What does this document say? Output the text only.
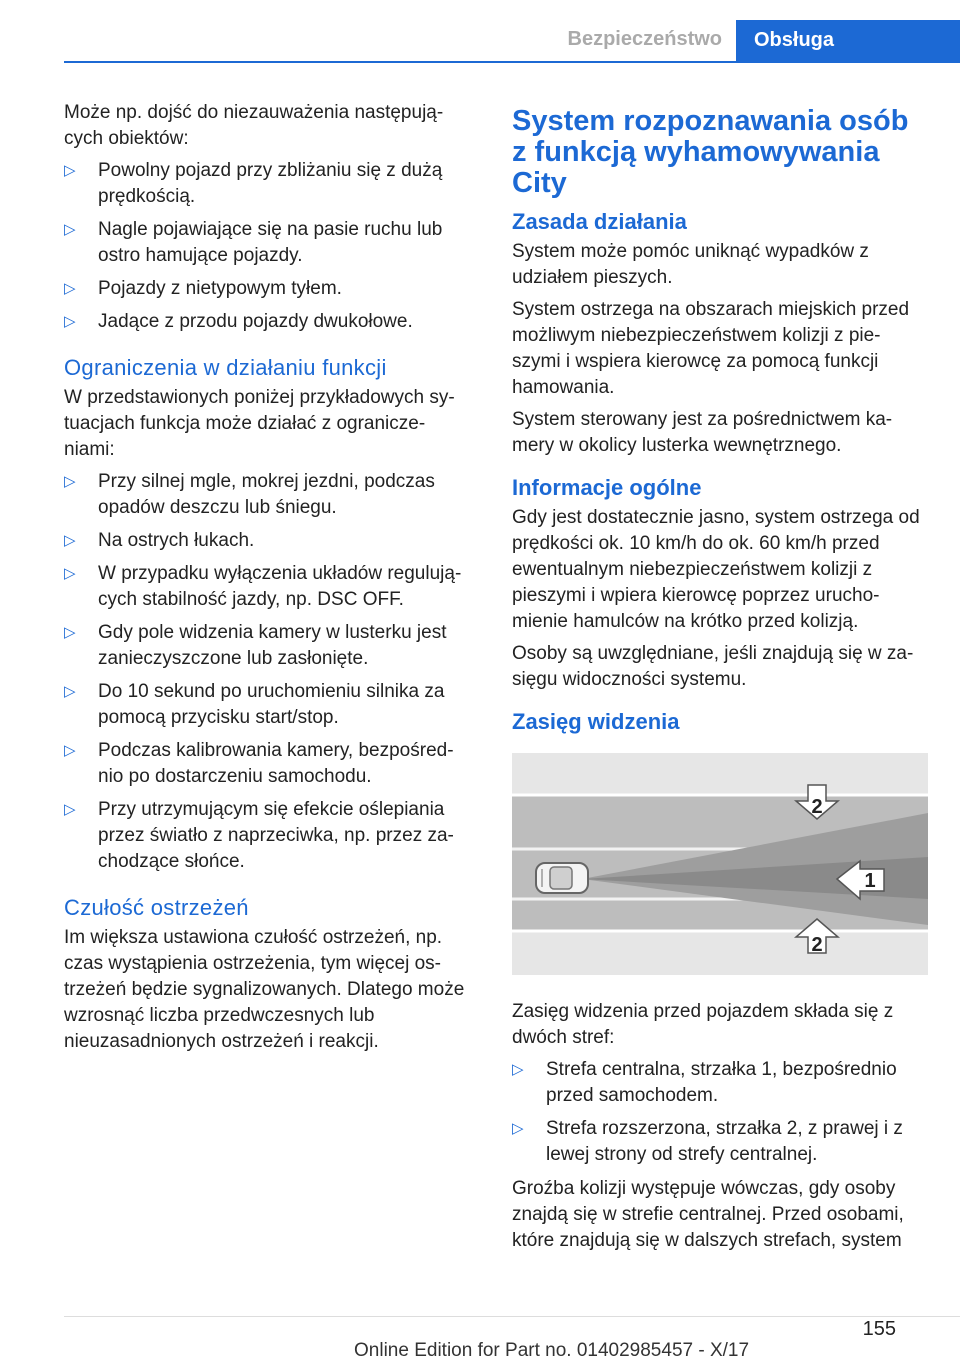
Bezpieczeństwo	Obsługa

Może np. dojść do niezauważenia następują‐ cych obiektów:

▷ Powolny pojazd przy zbliżaniu się z dużą prędkością.
▷ Nagle pojawiające się na pasie ruchu lub ostro hamujące pojazdy.
▷ Pojazdy z nietypowym tyłem.
▷ Jadące z przodu pojazdy dwukołowe.
Ograniczenia w działaniu funkcji

W przedstawionych poniżej przykładowych sy‐ tuacjach funkcja może działać z ogranicze‐ niami:

▷ Przy silnej mgle, mokrej jezdni, podczas opadów deszczu lub śniegu.
▷ Na ostrych łukach.
▷ W przypadku wyłączenia układów regulują‐ cych stabilność jazdy, np. DSC OFF.
▷ Gdy pole widzenia kamery w lusterku jest zanieczyszczone lub zasłonięte.
▷ Do 10 sekund po uruchomieniu silnika za pomocą przycisku start/stop.
▷ Podczas kalibrowania kamery, bezpośred‐ nio po dostarczeniu samochodu.
▷ Przy utrzymującym się efekcie oślepiania przez światło z naprzeciwka, np. przez za‐ chodzące słońce.
Czułość ostrzeżeń

Im większa ustawiona czułość ostrzeżeń, np. czas wystąpienia ostrzeżenia, tym więcej os‐ trzeżeń będzie sygnalizowanych. Dlatego może wzrosnąć liczba przedwczesnych lub nieuzasadnionych ostrzeżeń i reakcji.

System rozpoznawania osób z funkcją wyhamowywania City
Zasada działania

System może pomóc uniknąć wypadków z udziałem pieszych.

System ostrzega na obszarach miejskich przed możliwym niebezpieczeństwem kolizji z pie‐ szymi i wspiera kierowcę za pomocą funkcji hamowania.

System sterowany jest za pośrednictwem ka‐ mery w okolicy lusterka wewnętrznego.

Informacje ogólne

Gdy jest dostatecznie jasno, system ostrzega od prędkości ok. 10 km/h do ok. 60 km/h przed ewentualnym niebezpieczeństwem kolizji z pieszymi i wpiera kierowcę poprzez urucho‐ mienie hamulców na krótko przed kolizją.

Osoby są uwzględniane, jeśli znajdują się w za‐ sięgu widoczności systemu.

Zasięg widzenia
2
1
2

Zasięg widzenia przed pojazdem składa się z dwóch stref:

▷ Strefa centralna, strzałka 1, bezpośrednio przed samochodem.
▷ Strefa rozszerzona, strzałka 2, z prawej i z lewej strony od strefy centralnej.

Groźba kolizji występuje wówczas, gdy osoby znajdą się w strefie centralnej. Przed osobami, które znajdują się w dalszych strefach, system

155
Online Edition for Part no. 01402985457 - X/17
